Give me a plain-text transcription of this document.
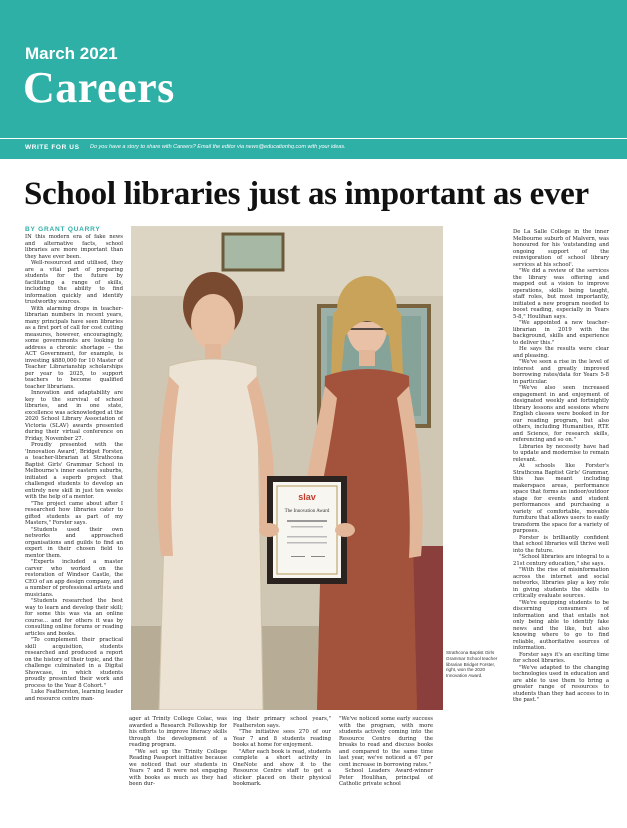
March 2021
Careers
WRITE FOR US Do you have a story to share with Careers? Email the editor via news@educationhq.com with your ideas.
School libraries just as important as ever
BY GRANT QUARRY

IN this modern era of fake news and alternative facts, school libraries are more important than they have ever been.

Well-resourced and utilised, they are a vital part of preparing students for the future by facilitating a range of skills, including the ability to find information quickly and identify trustworthy sources.

With alarming drops in teacher-librarian numbers in recent years, many principals have seen libraries as a first port of call for cost cutting measures, however, encouragingly, some governments are looking to address a chronic shortage – the ACT Government, for example, is investing $880,000 for 10 Master of Teacher Librarianship scholarships per year to 2025, to support teachers to become qualified teacher librarians.

Innovation and adaptability are key to the survival of school libraries, and in one state, excellence was acknowledged at the 2020 School Library Association of Victoria (SLAV) awards presented during their virtual conference on Friday, November 27.

Proudly presented with the 'Innovation Award', Bridget Forster, a teacher-librarian at Strathcona Baptist Girls' Grammar School in Melbourne's inner eastern suburbs, initiated a superb project that challenged students to develop an entirely new skill in just ten weeks with the help of a mentor.

"The project came about after I researched how libraries cater to gifted students as part of my Masters," Forster says.

"Students used their own networks and approached organisations and guilds to find an expert in their chosen field to mentor them.

"Experts included a master carver who worked on the restoration of Windsor Castle, the CEO of an app design company, and a number of professional artists and musicians.

"Students researched the best way to learn and develop their skill; for some this was via an online course... and for others it was by consulting online forums or reading articles and books.

"To complement their practical skill acquisition, students researched and produced a report on the history of their topic, and the challenge culminated in a Digital Showcase, in which students proudly presented their work and process to the Year 8 Cohort."

Luke Featherston, learning leader and resource centre man-

slav
The Innovation Award
Strathcona Baptist Girls Grammar School teacher librarian Bridget Forster, right, won the 2020 Innovation Award.

ager at Trinity College Colac, was awarded a Research Fellowship for his efforts to improve literacy skills through the development of a reading program.

"We set up the Trinity College Reading Passport initiative because we noticed that our students in Years 7 and 8 were not engaging with books as much as they had been dur-

ing their primary school years," Featherston says.

"The initiative sees 270 of our Year 7 and 8 students reading books at home for enjoyment.

"After each book is read, students complete a short activity in OneNote and show it to the Resource Centre staff to get a sticker placed on their physical bookmark.

"We've noticed some early success with the program, with more students actively coming into the Resource Centre during the breaks to read and discuss books and compared to the same time last year, we've noticed a 67 per cent increase in borrowing rates."

School Leaders Award-winner Peter Houlihan, principal of Catholic private school

De La Salle College in the inner Melbourne suburb of Malvern, was honoured for his 'outstanding and ongoing support of the reinvigoration of school library services at his school'.

"We did a review of the services the library was offering and mapped out a vision to improve operations, skills being taught, staff roles, but most importantly, initiated a new program needed to boost reading, especially in Years 5-8," Houlihan says.

"We appointed a new teacher-librarian in 2019 with the background, skills and experience to deliver this."

He says the results were clear and pleasing.

"We've seen a rise in the level of interest and greatly improved borrowing rates/data for Years 5-8 in particular.

"We've also seen increased engagement in and enjoyment of designated weekly and fortnightly library lessons and sessions where English classes were booked in for our reading program, but also others, including Humanities, RTE and Science, for research skills, referencing and so on."

Libraries by necessity have had to update and modernise to remain relevant.

At schools like Forster's Strathcona Baptist Girls' Grammar, this has meant including makerspace areas, performance space that forms an indoor/outdoor stage for events and student performances and purchasing a variety of comfortable, movable furniture that allows users to easily transform the space for a variety of purposes.

Forster is brilliantly confident that school libraries will thrive well into the future.

"School libraries are integral to a 21st century education," she says.

"With the rise of misinformation across the internet and social networks, libraries play a key role in giving students the skills to critically evaluate sources.

"We're equipping students to be discerning consumers of information and that entails not only being able to identify fake news and the like, but also knowing where to go to find reliable, authoritative sources of information.

Forster says it's an exciting time for school libraries.

"We've adapted to the changing technologies used in education and are able to use them to bring a greater range of resources to students than they had access to in the past."
